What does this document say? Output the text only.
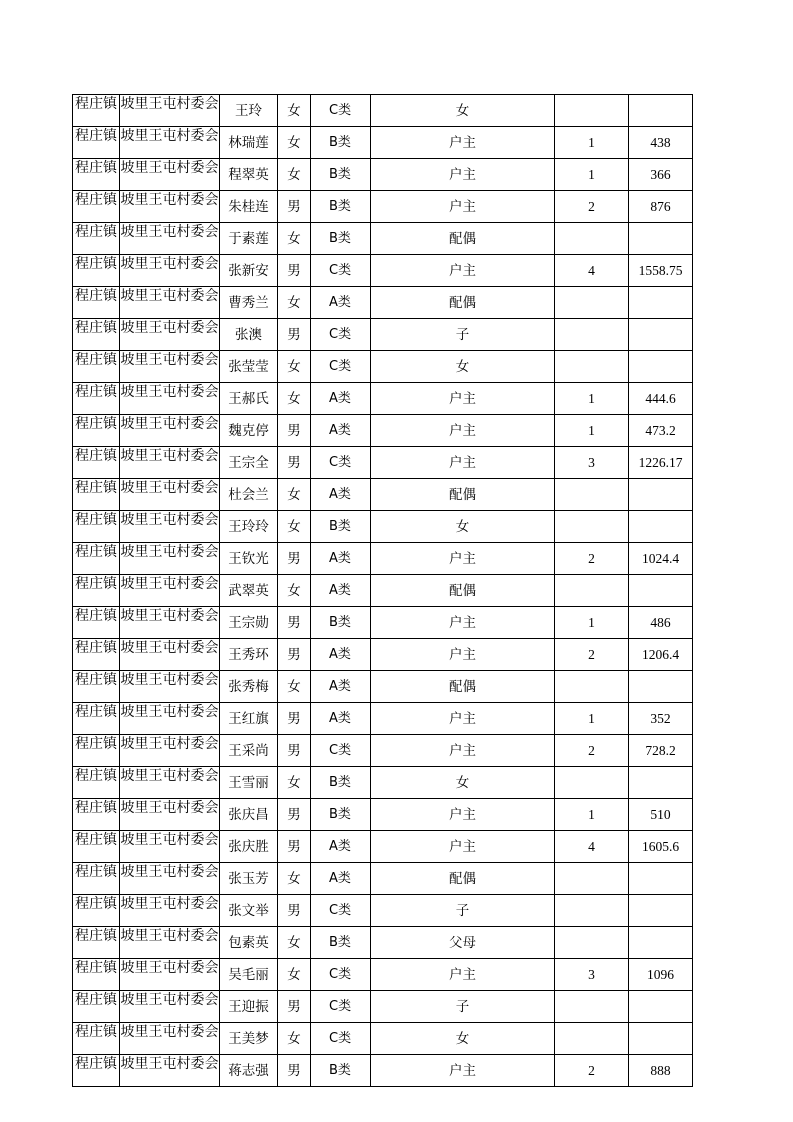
程庄镇	坡里王屯村委会	王玲	女	C类	女		
程庄镇	坡里王屯村委会	林瑞莲	女	B类	户主	1	438
程庄镇	坡里王屯村委会	程翠英	女	B类	户主	1	366
程庄镇	坡里王屯村委会	朱桂连	男	B类	户主	2	876
程庄镇	坡里王屯村委会	于素莲	女	B类	配偶		
程庄镇	坡里王屯村委会	张新安	男	C类	户主	4	1558.75
程庄镇	坡里王屯村委会	曹秀兰	女	A类	配偶		
程庄镇	坡里王屯村委会	张澳	男	C类	子		
程庄镇	坡里王屯村委会	张莹莹	女	C类	女		
程庄镇	坡里王屯村委会	王郝氏	女	A类	户主	1	444.6
程庄镇	坡里王屯村委会	魏克停	男	A类	户主	1	473.2
程庄镇	坡里王屯村委会	王宗全	男	C类	户主	3	1226.17
程庄镇	坡里王屯村委会	杜会兰	女	A类	配偶		
程庄镇	坡里王屯村委会	王玲玲	女	B类	女		
程庄镇	坡里王屯村委会	王钦光	男	A类	户主	2	1024.4
程庄镇	坡里王屯村委会	武翠英	女	A类	配偶		
程庄镇	坡里王屯村委会	王宗勋	男	B类	户主	1	486
程庄镇	坡里王屯村委会	王秀环	男	A类	户主	2	1206.4
程庄镇	坡里王屯村委会	张秀梅	女	A类	配偶		
程庄镇	坡里王屯村委会	王红旗	男	A类	户主	1	352
程庄镇	坡里王屯村委会	王采尚	男	C类	户主	2	728.2
程庄镇	坡里王屯村委会	王雪丽	女	B类	女		
程庄镇	坡里王屯村委会	张庆昌	男	B类	户主	1	510
程庄镇	坡里王屯村委会	张庆胜	男	A类	户主	4	1605.6
程庄镇	坡里王屯村委会	张玉芳	女	A类	配偶		
程庄镇	坡里王屯村委会	张文举	男	C类	子		
程庄镇	坡里王屯村委会	包素英	女	B类	父母		
程庄镇	坡里王屯村委会	吴毛丽	女	C类	户主	3	1096
程庄镇	坡里王屯村委会	王迎振	男	C类	子		
程庄镇	坡里王屯村委会	王美梦	女	C类	女		
程庄镇	坡里王屯村委会	蒋志强	男	B类	户主	2	888
